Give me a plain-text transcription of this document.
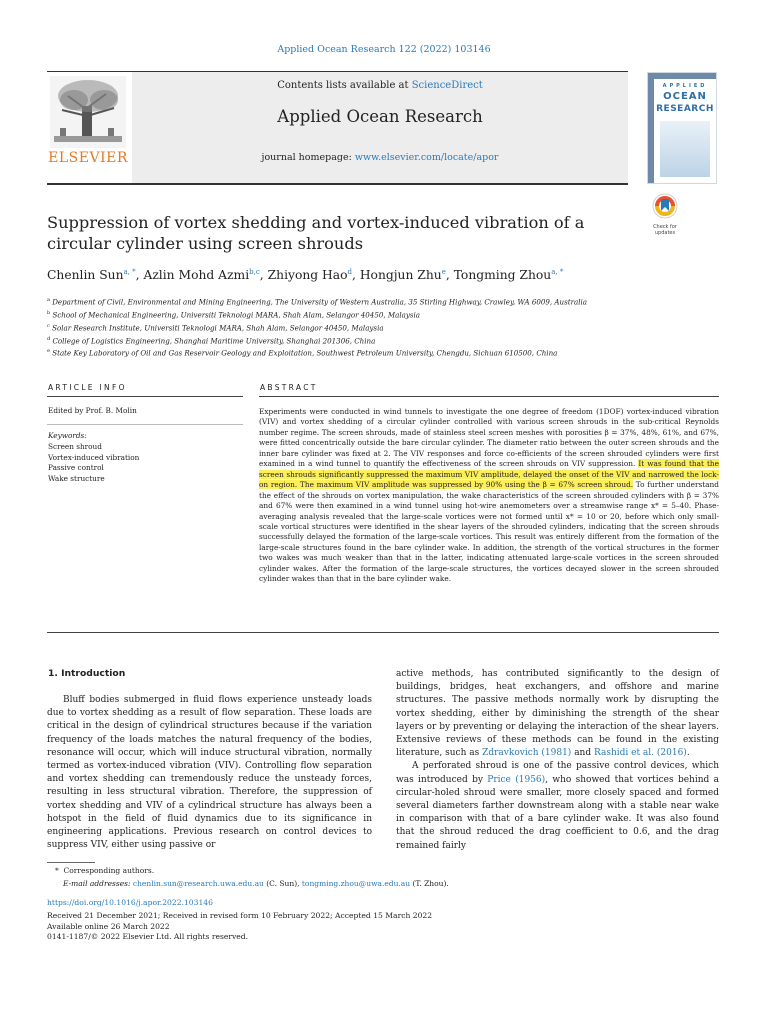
Applied Ocean Research 122 (2022) 103146
ELSEVIER
Contents lists available at ScienceDirect
Applied Ocean Research
journal homepage: www.elsevier.com/locate/apor
APPLIED
OCEAN
RESEARCH
Suppression of vortex shedding and vortex-induced vibration of a circular cylinder using screen shrouds
Check for
updates
Chenlin Sun$^{a, *}$, Azlin Mohd Azmi$^{b,c}$, Zhiyong Hao$^d$, Hongjun Zhu$^e$, Tongming Zhou$^{a, *}$
$^a$ Department of Civil, Environmental and Mining Engineering, The University of Western Australia, 35 Stirling Highway, Crawley, WA 6009, Australia
$^b$ School of Mechanical Engineering, Universiti Teknologi MARA, Shah Alam, Selangor 40450, Malaysia
$^c$ Solar Research Institute, Universiti Teknologi MARA, Shah Alam, Selangor 40450, Malaysia
$^d$ College of Logistics Engineering, Shanghai Maritime University, Shanghai 201306, China
$^e$ State Key Laboratory of Oil and Gas Reservoir Geology and Exploitation, Southwest Petroleum University, Chengdu, Sichuan 610500, China
ARTICLE INFO	ABSTRACT
Edited by Prof. B. Molin
Keywords:
Screen shroud
Vortex-induced vibration
Passive control
Wake structure
Experiments were conducted in wind tunnels to investigate the one degree of freedom (1DOF) vortex-induced vibration (VIV) and vortex shedding of a circular cylinder controlled with various screen shrouds in the sub-critical Reynolds number regime. The screen shrouds, made of stainless steel screen meshes with porosities β = 37%, 48%, 61%, and 67%, were fitted concentrically outside the bare circular cylinder. The diameter ratio between the outer screen shrouds and the inner bare cylinder was fixed at 2. The VIV responses and force co-efficients of the screen shrouded cylinders were first examined in a wind tunnel to quantify the effectiveness of the screen shrouds on VIV suppression. It was found that the screen shrouds significantly suppressed the maximum VIV amplitude, delayed the onset of the VIV and narrowed the lock-on region. The maximum VIV amplitude was suppressed by 90% using the β = 67% screen shroud. To further understand the effect of the shrouds on vortex manipulation, the wake characteristics of the screen shrouded cylinders with β = 37% and 67% were then examined in a wind tunnel using hot-wire anemometers over a streamwise range x* = 5–40. Phase-averaging analysis revealed that the large-scale vortices were not formed until x* = 10 or 20, before which only small-scale vortical structures were identified in the shear layers of the shrouded cylinders, indicating that the screen shrouds successfully delayed the formation of the large-scale vortices. This result was entirely different from the formation of the large-scale structures found in the bare cylinder wake. In addition, the strength of the vortical structures in the former two wakes was much weaker than that in the latter, indicating attenuated large-scale vortices in the screen shrouded cylinder wakes. After the formation of the large-scale structures, the vortices decayed slower in the screen shrouded cylinder wakes than that in the bare cylinder wake.
1. Introduction
Bluff bodies submerged in fluid flows experience unsteady loads due to vortex shedding as a result of flow separation. These loads are critical in the design of cylindrical structures because if the variation frequency of the loads matches the natural frequency of the bodies, resonance will occur, which will induce structural vibration, normally termed as vortex-induced vibration (VIV). Controlling flow separation and vortex shedding can tremendously reduce the unsteady forces, resulting in less structural vibration. Therefore, the suppression of vortex shedding and VIV of a cylindrical structure has always been a hotspot in the field of fluid dynamics due to its significance in engineering applications. Previous research on control devices to suppress VIV, either using passive or

active methods, has contributed significantly to the design of buildings, bridges, heat exchangers, and offshore and marine structures. The passive methods normally work by disrupting the vortex shedding, either by diminishing the strength of the shear layers or by preventing or delaying the interaction of the shear layers. Extensive reviews of these methods can be found in the existing literature, such as Zdravkovich (1981) and Rashidi et al. (2016).

A perforated shroud is one of the passive control devices, which was introduced by Price (1956), who showed that vortices behind a circular-holed shroud were smaller, more closely spaced and formed several diameters farther downstream along with a stable near wake in comparison with that of a bare cylinder wake. It was also found that the shroud reduced the drag coefficient to 0.6, and the drag remained fairly

* Corresponding authors.
E-mail addresses: chenlin.sun@research.uwa.edu.au (C. Sun), tongming.zhou@uwa.edu.au (T. Zhou).
https://doi.org/10.1016/j.apor.2022.103146
Received 21 December 2021; Received in revised form 10 February 2022; Accepted 15 March 2022
Available online 26 March 2022
0141-1187/© 2022 Elsevier Ltd. All rights reserved.
